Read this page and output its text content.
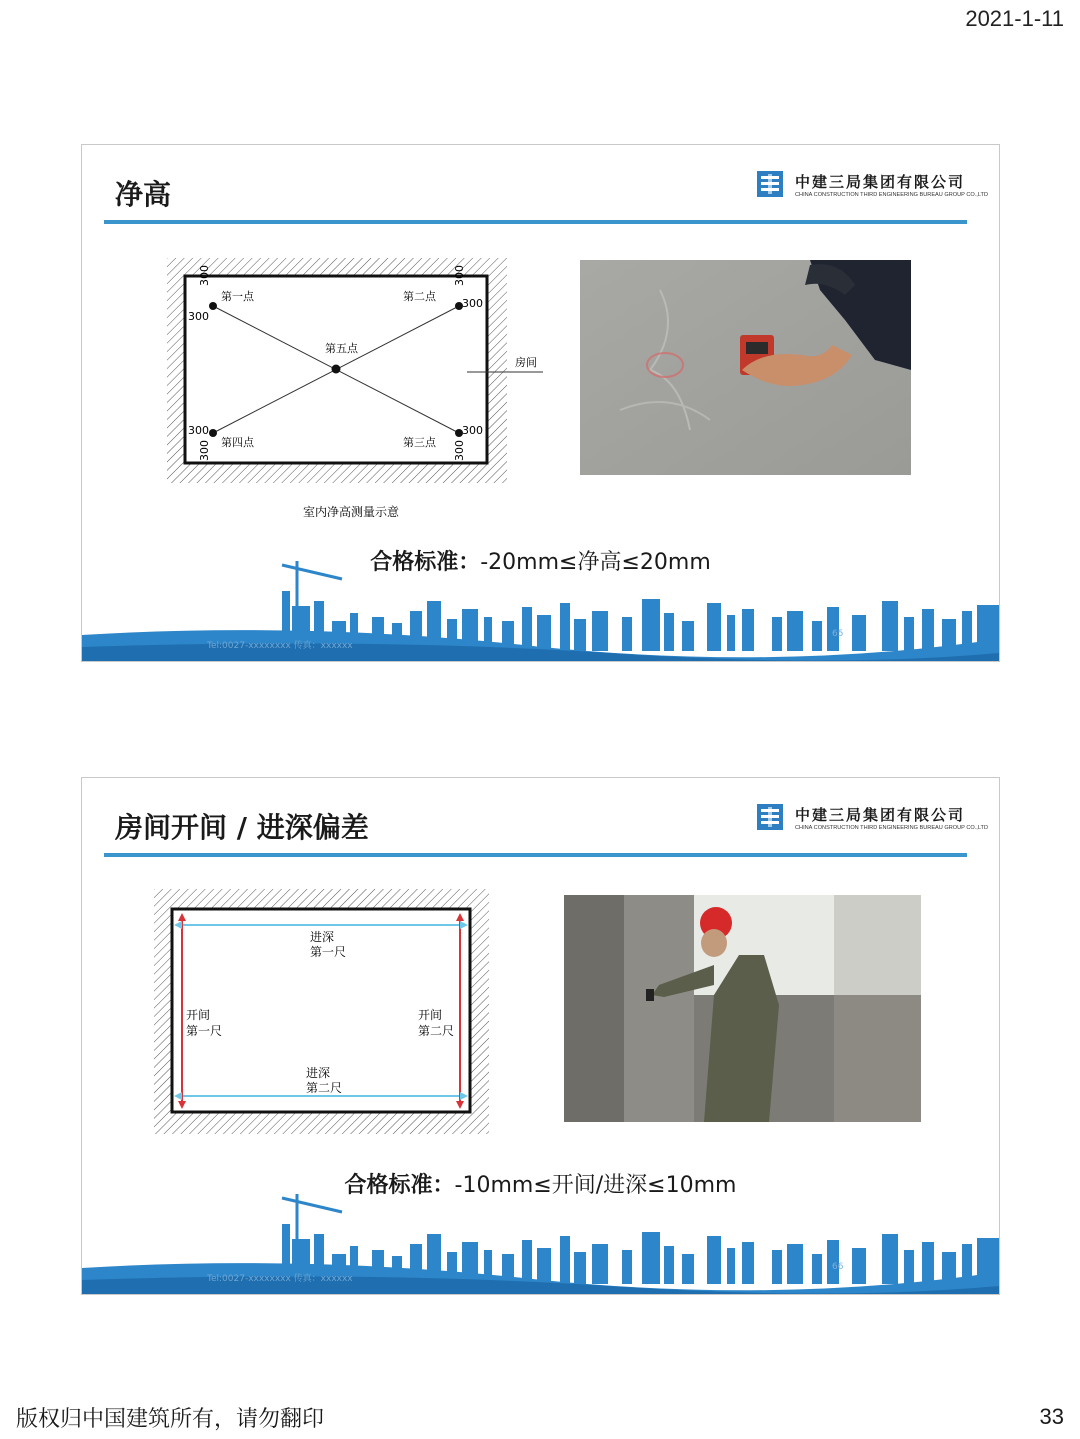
2021-1-11
净高	中建三局集团有限公司
CHINA CONSTRUCTION THIRD ENGINEERING BUREAU GROUP CO.,LTD
第一点	第二点
第三点
第四点
第五点
300
300
300
300
300
300
300
300
房间
室内净高测量示意
合格标准：-20mm≤净高≤20mm
Tel:0027-xxxxxxxx 传真：xxxxxx
65
房间开间 / 进深偏差	中建三局集团有限公司
CHINA CONSTRUCTION THIRD ENGINEERING BUREAU GROUP CO.,LTD
进深
第一尺
进深
第二尺
开间
第一尺
开间
第二尺
合格标准：-10mm≤开间/进深≤10mm
Tel:0027-xxxxxxxx 传真：xxxxxx
66
版权归中国建筑所有，请勿翻印	33
